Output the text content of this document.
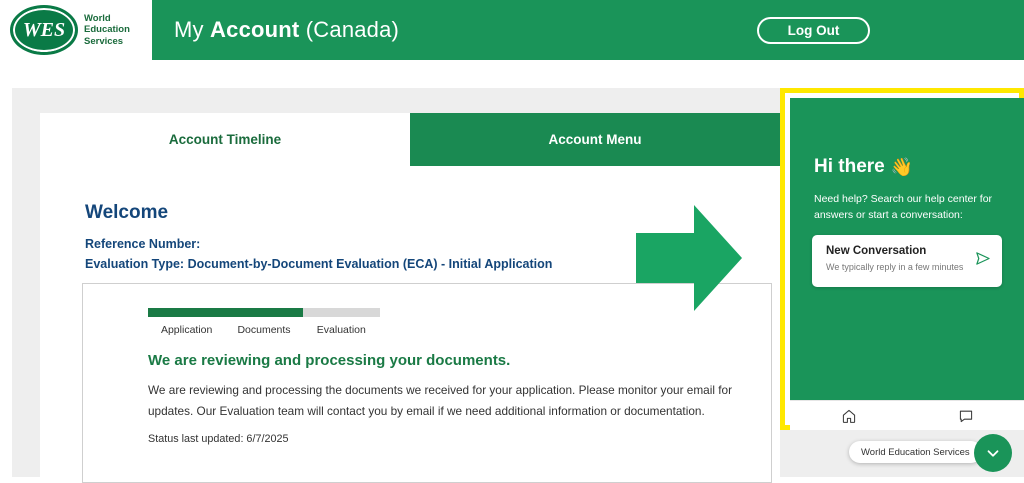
WES
World
Education
Services	My Account (Canada)	Log Out
Account Timeline	Account Menu
Welcome
Reference Number:
Evaluation Type: Document-by-Document Evaluation (ECA) - Initial Application
Application	Documents	Evaluation
We are reviewing and processing your documents.
We are reviewing and processing the documents we received for your application. Please monitor your email for updates. Our Evaluation team will contact you by email if we need additional information or documentation.
Status last updated: 6/7/2025
Hi there 👋
Need help? Search our help center for answers or start a conversation:
New Conversation
We typically reply in a few minutes
World Education Services
